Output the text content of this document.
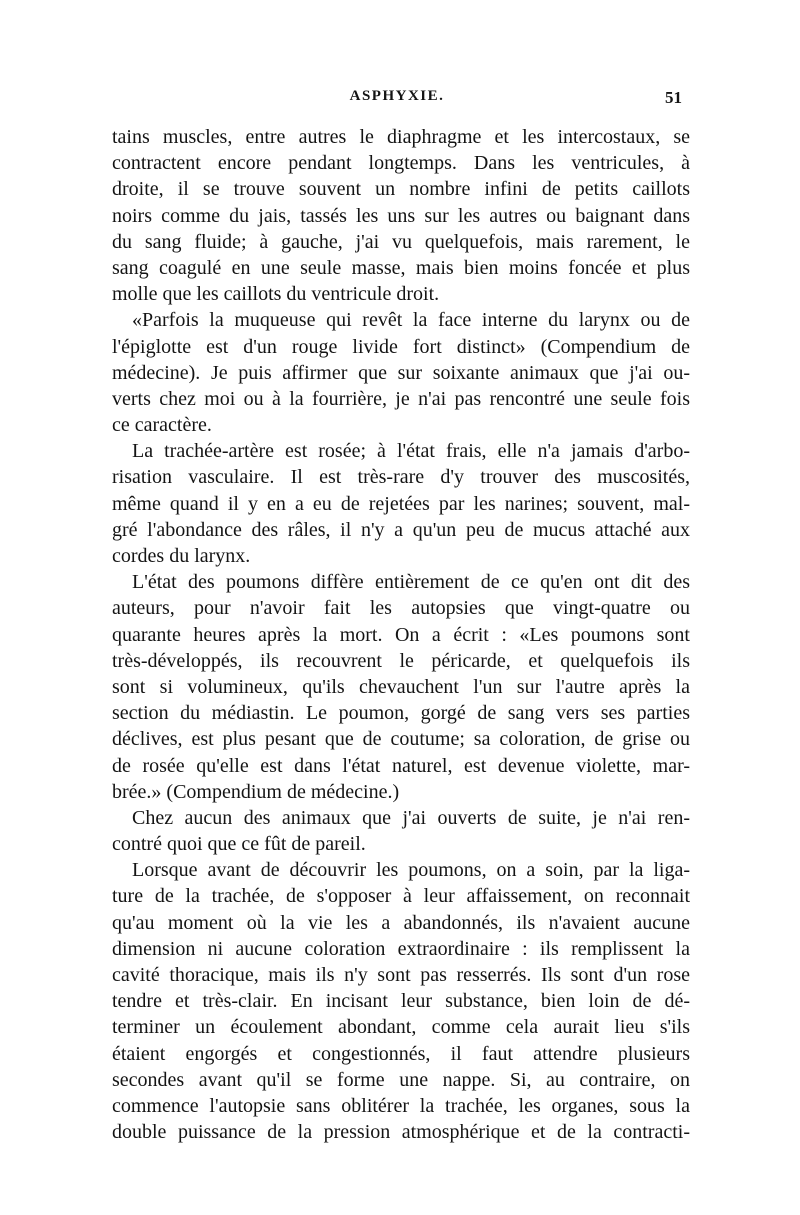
ASPHYXIE.	51
tains muscles, entre autres le diaphragme et les intercostaux, se
contractent encore pendant longtemps. Dans les ventricules, à
droite, il se trouve souvent un nombre infini de petits caillots
noirs comme du jais, tassés les uns sur les autres ou baignant dans
du sang fluide; à gauche, j'ai vu quelquefois, mais rarement, le
sang coagulé en une seule masse, mais bien moins foncée et plus
molle que les caillots du ventricule droit.
«Parfois la muqueuse qui revêt la face interne du larynx ou de
l'épiglotte est d'un rouge livide fort distinct» (Compendium de
médecine). Je puis affirmer que sur soixante animaux que j'ai ou-
verts chez moi ou à la fourrière, je n'ai pas rencontré une seule fois
ce caractère.
La trachée-artère est rosée; à l'état frais, elle n'a jamais d'arbo-
risation vasculaire. Il est très-rare d'y trouver des muscosités,
même quand il y en a eu de rejetées par les narines; souvent, mal-
gré l'abondance des râles, il n'y a qu'un peu de mucus attaché aux
cordes du larynx.
L'état des poumons diffère entièrement de ce qu'en ont dit des
auteurs, pour n'avoir fait les autopsies que vingt-quatre ou
quarante heures après la mort. On a écrit : «Les poumons sont
très-développés, ils recouvrent le péricarde, et quelquefois ils
sont si volumineux, qu'ils chevauchent l'un sur l'autre après la
section du médiastin. Le poumon, gorgé de sang vers ses parties
déclives, est plus pesant que de coutume; sa coloration, de grise ou
de rosée qu'elle est dans l'état naturel, est devenue violette, mar-
brée.» (Compendium de médecine.)
Chez aucun des animaux que j'ai ouverts de suite, je n'ai ren-
contré quoi que ce fût de pareil.
Lorsque avant de découvrir les poumons, on a soin, par la liga-
ture de la trachée, de s'opposer à leur affaissement, on reconnait
qu'au moment où la vie les a abandonnés, ils n'avaient aucune
dimension ni aucune coloration extraordinaire : ils remplissent la
cavité thoracique, mais ils n'y sont pas resserrés. Ils sont d'un rose
tendre et très-clair. En incisant leur substance, bien loin de dé-
terminer un écoulement abondant, comme cela aurait lieu s'ils
étaient engorgés et congestionnés, il faut attendre plusieurs
secondes avant qu'il se forme une nappe. Si, au contraire, on
commence l'autopsie sans oblitérer la trachée, les organes, sous la
double puissance de la pression atmosphérique et de la contracti-
